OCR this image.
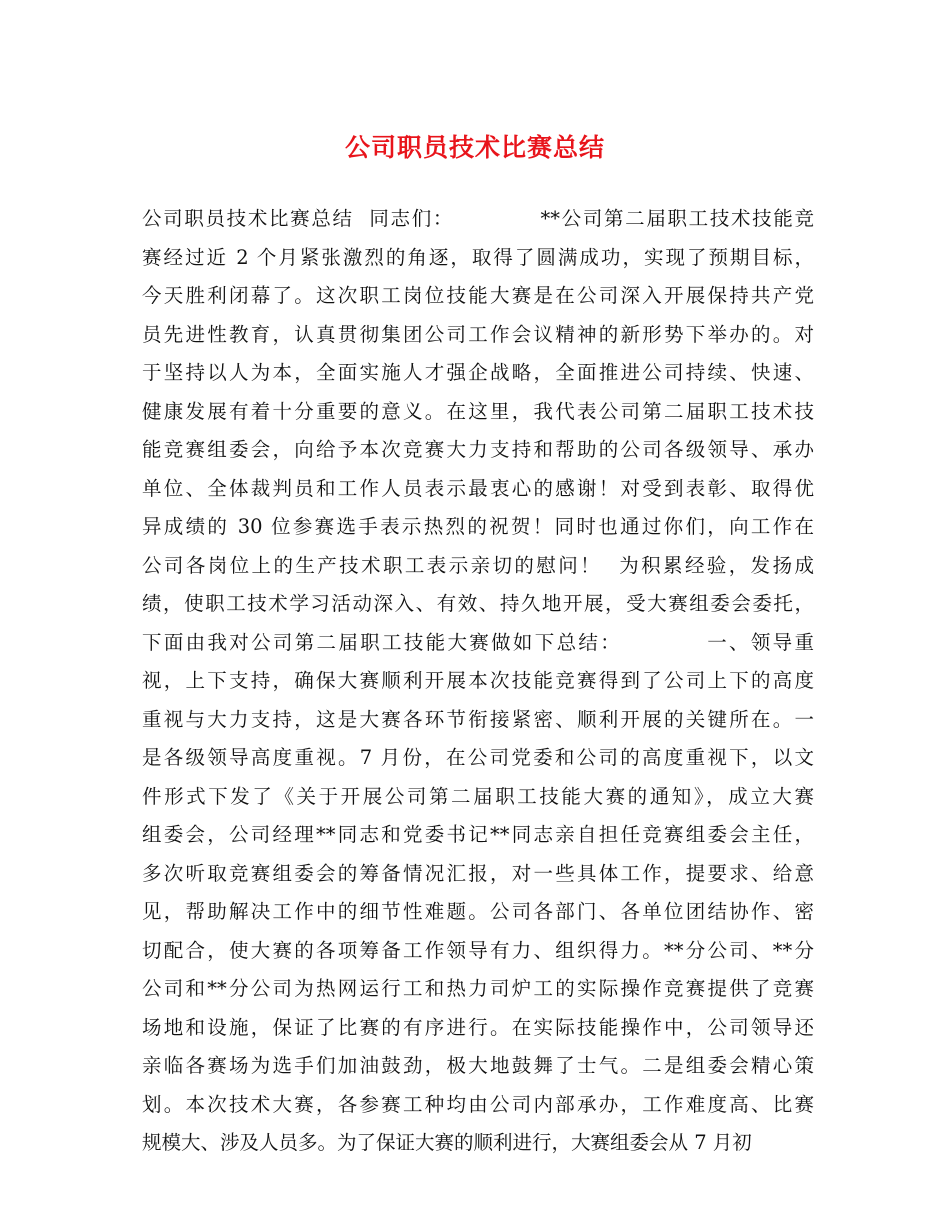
公司职员技术比赛总结
公司职员技术比赛总结  同志们：           **公司第二届职工技术技能竞
赛经过近 2 个月紧张激烈的角逐，取得了圆满成功，实现了预期目标，
今天胜利闭幕了。这次职工岗位技能大赛是在公司深入开展保持共产党
员先进性教育，认真贯彻集团公司工作会议精神的新形势下举办的。对
于坚持以人为本，全面实施人才强企战略，全面推进公司持续、快速、
健康发展有着十分重要的意义。在这里，我代表公司第二届职工技术技
能竞赛组委会，向给予本次竞赛大力支持和帮助的公司各级领导、承办
单位、全体裁判员和工作人员表示最衷心的感谢！对受到表彰、取得优
异成绩的 30 位参赛选手表示热烈的祝贺！同时也通过你们，向工作在
公司各岗位上的生产技术职工表示亲切的慰问！  为积累经验，发扬成
绩，使职工技术学习活动深入、有效、持久地开展，受大赛组委会委托，
下面由我对公司第二届职工技能大赛做如下总结：          一、领导重
视，上下支持，确保大赛顺利开展本次技能竞赛得到了公司上下的高度
重视与大力支持，这是大赛各环节衔接紧密、顺利开展的关键所在。一
是各级领导高度重视。7 月份，在公司党委和公司的高度重视下，以文
件形式下发了《关于开展公司第二届职工技能大赛的通知》，成立大赛
组委会，公司经理**同志和党委书记**同志亲自担任竞赛组委会主任，
多次听取竞赛组委会的筹备情况汇报，对一些具体工作，提要求、给意
见，帮助解决工作中的细节性难题。公司各部门、各单位团结协作、密
切配合，使大赛的各项筹备工作领导有力、组织得力。**分公司、**分
公司和**分公司为热网运行工和热力司炉工的实际操作竞赛提供了竞赛
场地和设施，保证了比赛的有序进行。在实际技能操作中，公司领导还
亲临各赛场为选手们加油鼓劲，极大地鼓舞了士气。二是组委会精心策
划。本次技术大赛，各参赛工种均由公司内部承办，工作难度高、比赛
规模大、涉及人员多。为了保证大赛的顺利进行，大赛组委会从 7 月初
